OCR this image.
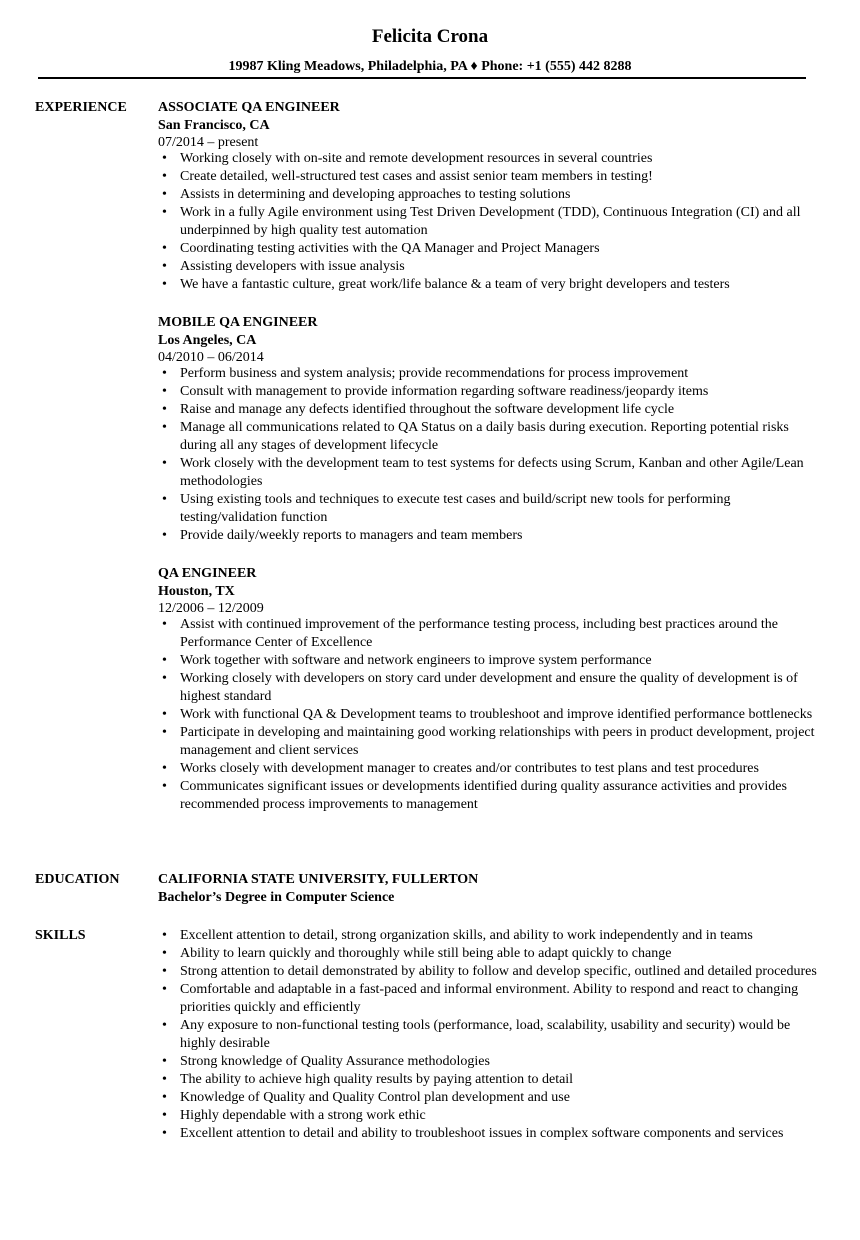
Felicita Crona
19987 Kling Meadows, Philadelphia, PA ♦ Phone: +1 (555) 442 8288
EXPERIENCE ASSOCIATE QA ENGINEER
San Francisco, CA
07/2014 – present
• Working closely with on-site and remote development resources in several countries
• Create detailed, well-structured test cases and assist senior team members in testing!
• Assists in determining and developing approaches to testing solutions
• Work in a fully Agile environment using Test Driven Development (TDD), Continuous Integration (CI) and all underpinned by high quality test automation
• Coordinating testing activities with the QA Manager and Project Managers
• Assisting developers with issue analysis
• We have a fantastic culture, great work/life balance & a team of very bright developers and testers
MOBILE QA ENGINEER
Los Angeles, CA
04/2010 – 06/2014
• Perform business and system analysis; provide recommendations for process improvement
• Consult with management to provide information regarding software readiness/jeopardy items
• Raise and manage any defects identified throughout the software development life cycle
• Manage all communications related to QA Status on a daily basis during execution. Reporting potential risks during all any stages of development lifecycle
• Work closely with the development team to test systems for defects using Scrum, Kanban and other Agile/Lean methodologies
• Using existing tools and techniques to execute test cases and build/script new tools for performing testing/validation function
• Provide daily/weekly reports to managers and team members
QA ENGINEER
Houston, TX
12/2006 – 12/2009
• Assist with continued improvement of the performance testing process, including best practices around the Performance Center of Excellence
• Work together with software and network engineers to improve system performance
• Working closely with developers on story card under development and ensure the quality of development is of highest standard
• Work with functional QA & Development teams to troubleshoot and improve identified performance bottlenecks
• Participate in developing and maintaining good working relationships with peers in product development, project management and client services
• Works closely with development manager to creates and/or contributes to test plans and test procedures
• Communicates significant issues or developments identified during quality assurance activities and provides recommended process improvements to management
EDUCATION	CALIFORNIA STATE UNIVERSITY, FULLERTON
Bachelor’s Degree in Computer Science
SKILLS
•	Excellent attention to detail, strong organization skills, and ability to work independently and in teams
• Ability to learn quickly and thoroughly while still being able to adapt quickly to change
• Strong attention to detail demonstrated by ability to follow and develop specific, outlined and detailed procedures
• Comfortable and adaptable in a fast-paced and informal environment. Ability to respond and react to changing priorities quickly and efficiently
• Any exposure to non-functional testing tools (performance, load, scalability, usability and security) would be highly desirable
• Strong knowledge of Quality Assurance methodologies
• The ability to achieve high quality results by paying attention to detail
• Knowledge of Quality and Quality Control plan development and use
• Highly dependable with a strong work ethic
• Excellent attention to detail and ability to troubleshoot issues in complex software components and services
